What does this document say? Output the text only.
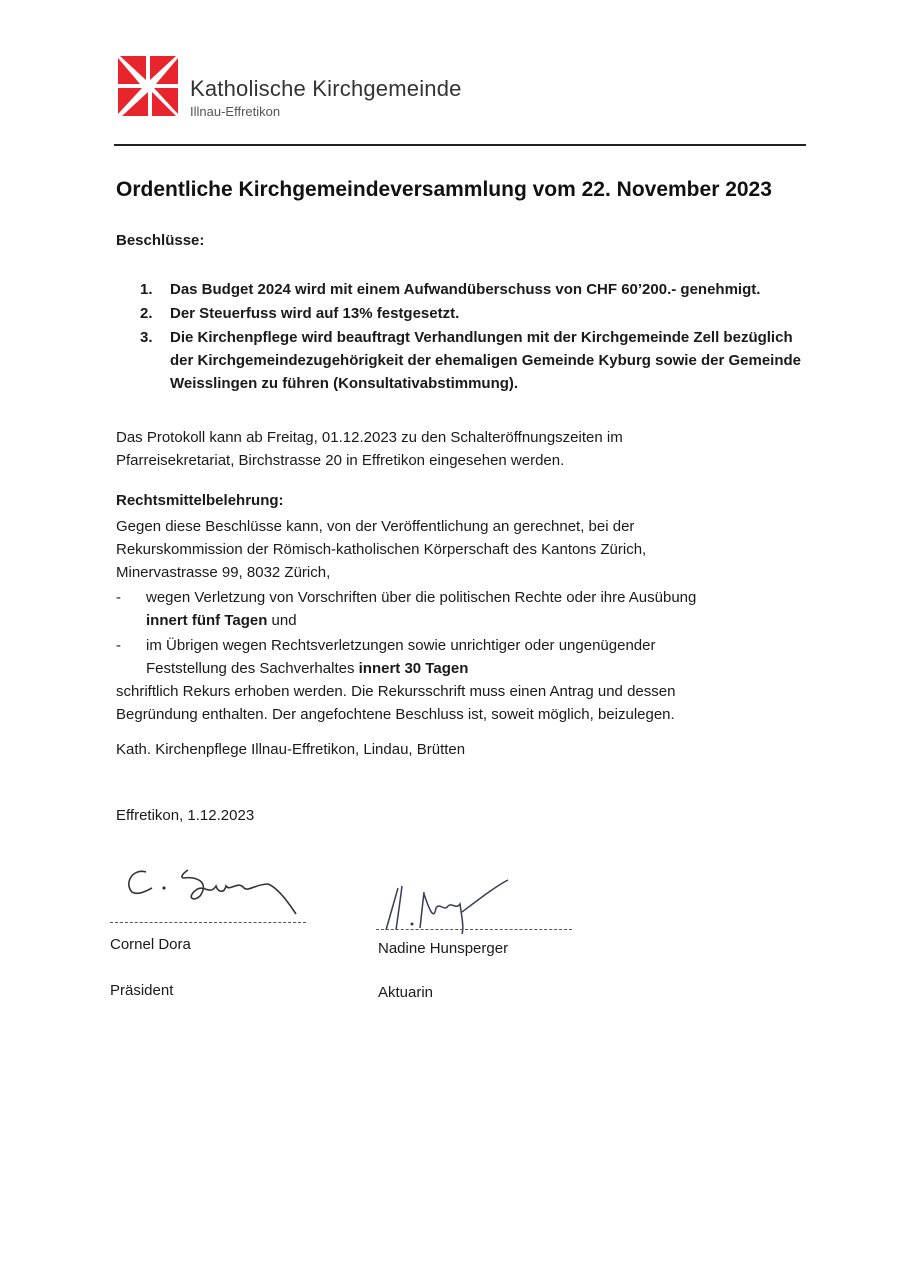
Katholische Kirchgemeinde
Illnau-Effretikon
Ordentliche Kirchgemeindeversammlung vom 22. November 2023
Beschlüsse:
1.	Das Budget 2024 wird mit einem Aufwandüberschuss von CHF 60’200.- genehmigt.
2.	Der Steuerfuss wird auf 13% festgesetzt.
3.	Die Kirchenpflege wird beauftragt Verhandlungen mit der Kirchgemeinde Zell bezüglich der Kirchgemeindezugehörigkeit der ehemaligen Gemeinde Kyburg sowie der Gemeinde Weisslingen zu führen (Konsultativabstimmung).
Das Protokoll kann ab Freitag, 01.12.2023 zu den Schalteröffnungszeiten im
Pfarreisekretariat, Birchstrasse 20 in Effretikon eingesehen werden.
Rechtsmittelbelehrung:
Gegen diese Beschlüsse kann, von der Veröffentlichung an gerechnet, bei der
Rekurskommission der Römisch-katholischen Körperschaft des Kantons Zürich,
Minervastrasse 99, 8032 Zürich,
-	wegen Verletzung von Vorschriften über die politischen Rechte oder ihre Ausübung
innert fünf Tagen und
-	im Übrigen wegen Rechtsverletzungen sowie unrichtiger oder ungenügender
Feststellung des Sachverhaltes innert 30 Tagen
schriftlich Rekurs erhoben werden. Die Rekursschrift muss einen Antrag und dessen
Begründung enthalten. Der angefochtene Beschluss ist, soweit möglich, beizulegen.
Kath. Kirchenpflege Illnau-Effretikon, Lindau, Brütten
Effretikon, 1.12.2023
Cornel Dora
Präsident
Nadine Hunsperger
Aktuarin
